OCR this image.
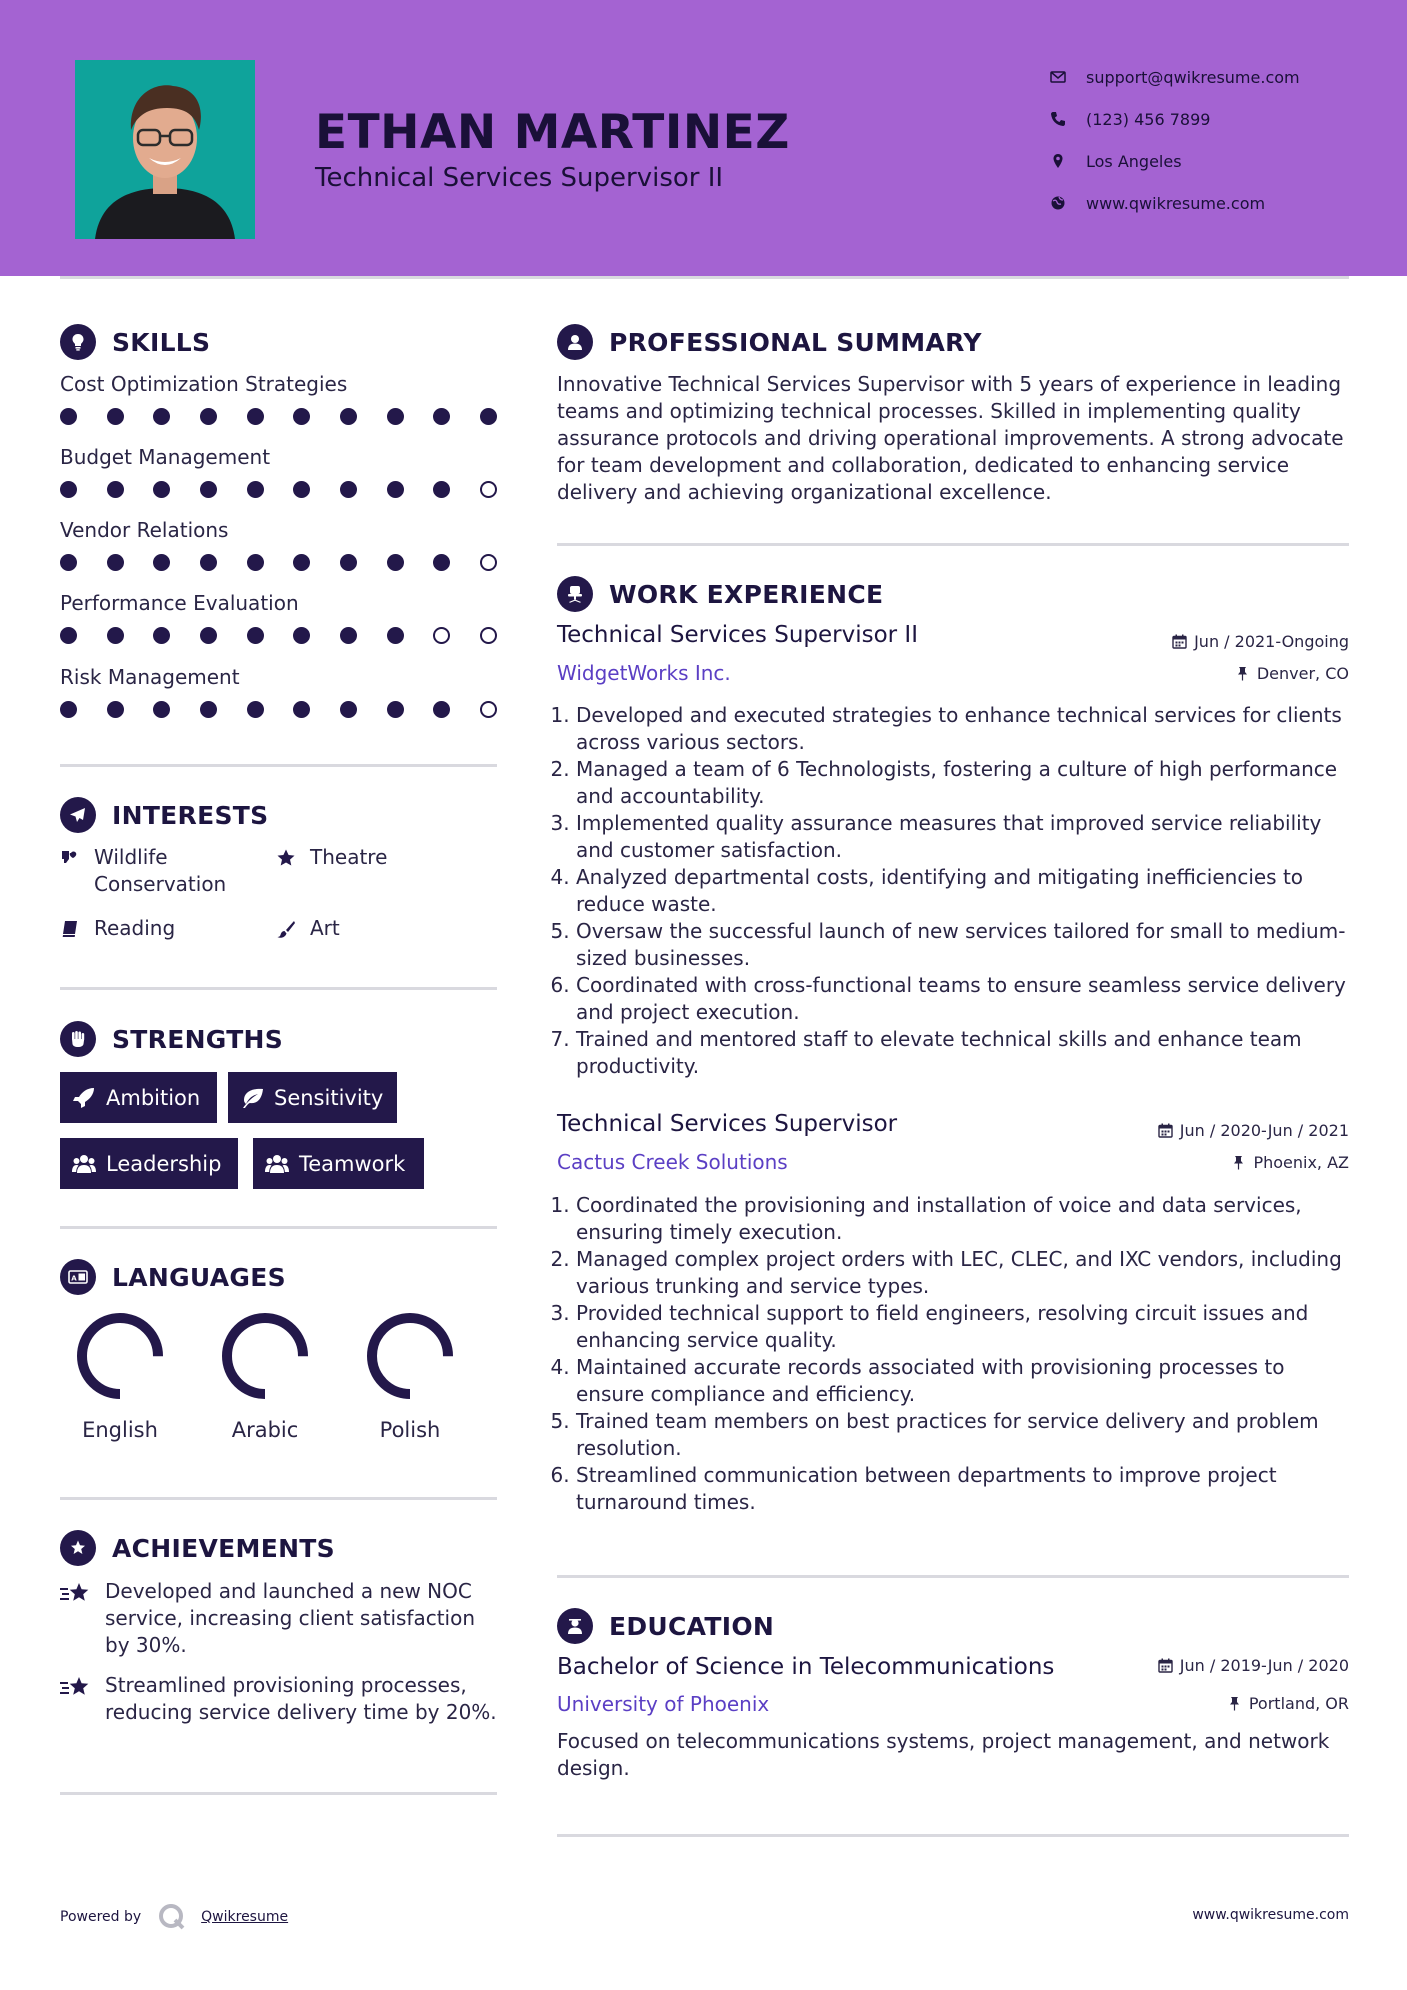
ETHAN MARTINEZ
Technical Services Supervisor II
support@qwikresume.com
(123) 456 7899
Los Angeles
www.qwikresume.com
SKILLS
Cost Optimization Strategies
Budget Management
Vendor Relations
Performance Evaluation
Risk Management
INTERESTS
Wildlife Conservation
Theatre
Reading	Art
STRENGTHS
Ambition	Sensitivity
Leadership	Teamwork
A LANGUAGES
English	Arabic	Polish
ACHIEVEMENTS
Developed and launched a new NOC service, increasing client satisfaction by 30%.
Streamlined provisioning processes, reducing service delivery time by 20%.
PROFESSIONAL SUMMARY
Innovative Technical Services Supervisor with 5 years of experience in leading teams and optimizing technical processes. Skilled in implementing quality assurance protocols and driving operational improvements. A strong advocate for team development and collaboration, dedicated to enhancing service delivery and achieving organizational excellence.
WORK EXPERIENCE
Technical Services Supervisor II	Jun / 2021-Ongoing
WidgetWorks Inc.	Denver, CO
1. Developed and executed strategies to enhance technical services for clients across various sectors.
2. Managed a team of 6 Technologists, fostering a culture of high performance and accountability.
3. Implemented quality assurance measures that improved service reliability and customer satisfaction.
4. Analyzed departmental costs, identifying and mitigating inefficiencies to reduce waste.
5. Oversaw the successful launch of new services tailored for small to medium-sized businesses.
6. Coordinated with cross-functional teams to ensure seamless service delivery and project execution.
7. Trained and mentored staff to elevate technical skills and enhance team productivity.
Technical Services Supervisor	Jun / 2020-Jun / 2021
Cactus Creek Solutions	Phoenix, AZ
1. Coordinated the provisioning and installation of voice and data services, ensuring timely execution.
2. Managed complex project orders with LEC, CLEC, and IXC vendors, including various trunking and service types.
3. Provided technical support to field engineers, resolving circuit issues and enhancing service quality.
4. Maintained accurate records associated with provisioning processes to ensure compliance and efficiency.
5. Trained team members on best practices for service delivery and problem resolution.
6. Streamlined communication between departments to improve project turnaround times.
EDUCATION
Bachelor of Science in Telecommunications	Jun / 2019-Jun / 2020
University of Phoenix	Portland, OR
Focused on telecommunications systems, project management, and network design.
Powered by	Qwikresume	www.qwikresume.com
